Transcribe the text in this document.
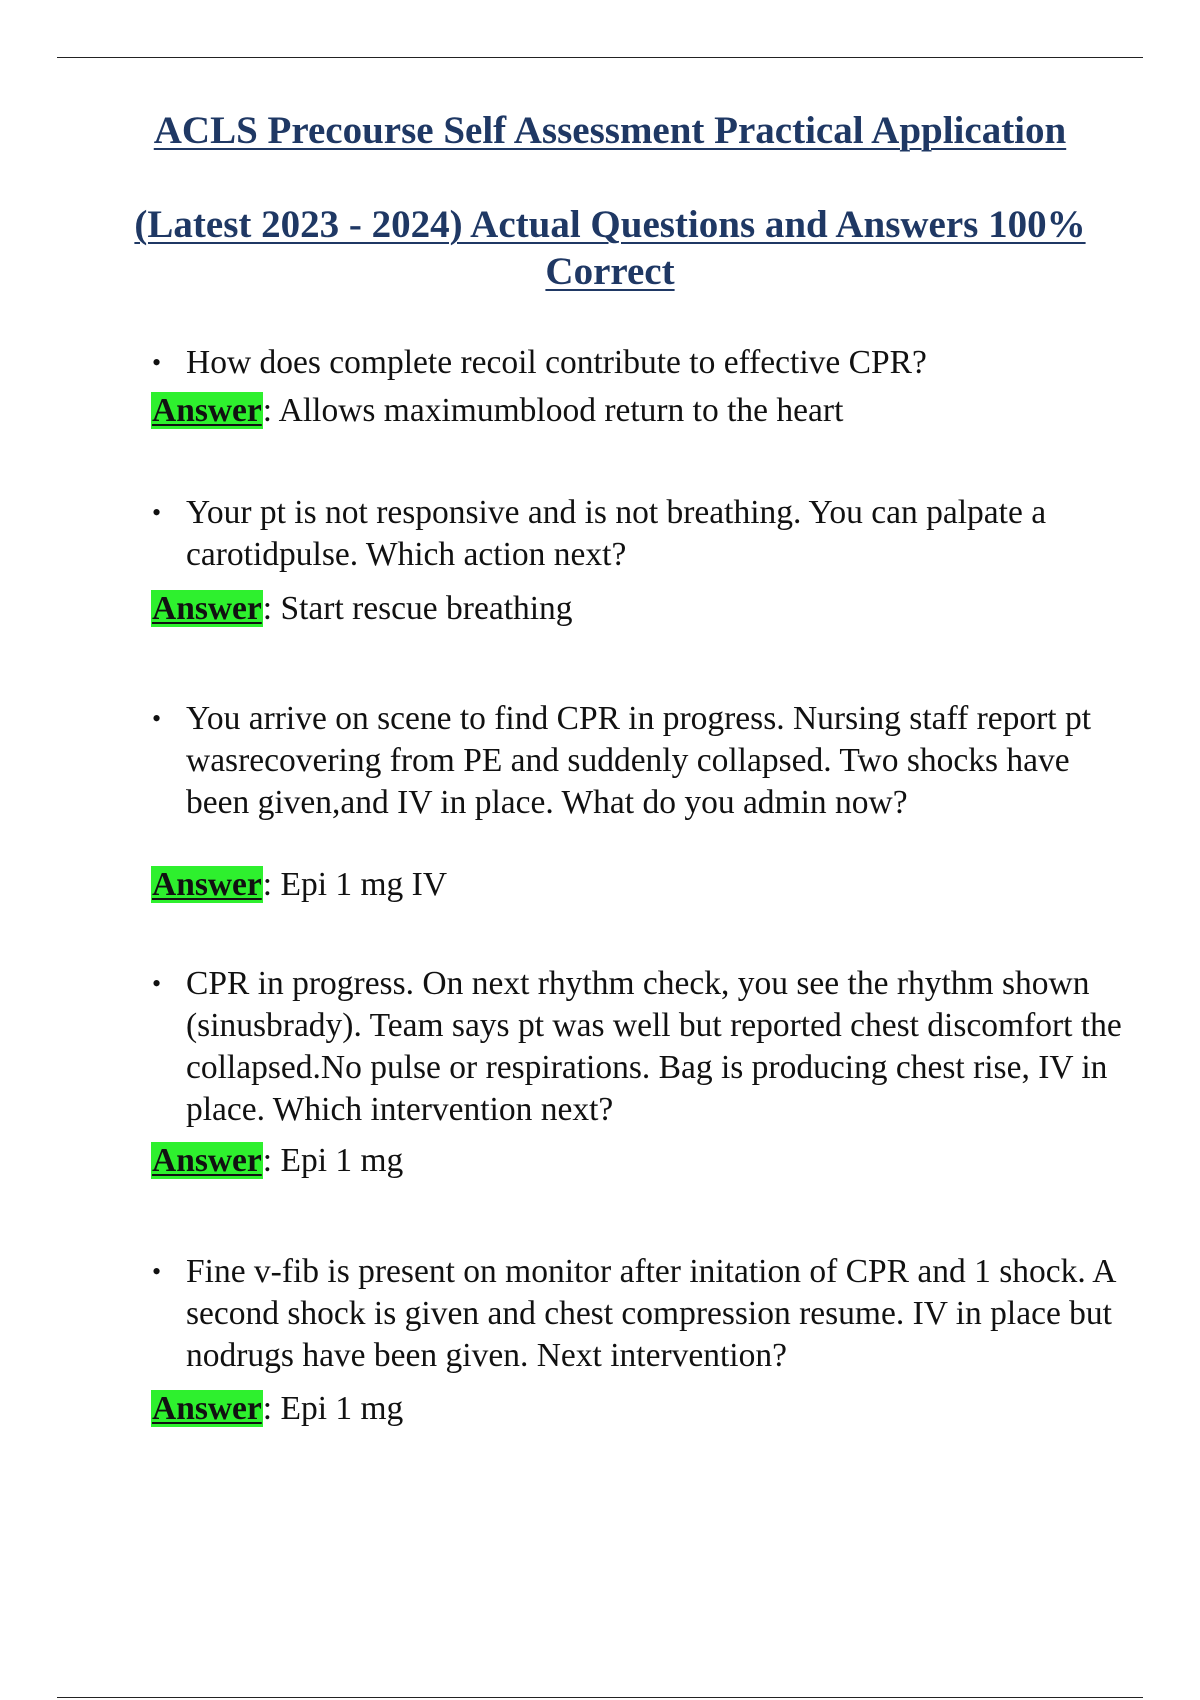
ACLS Precourse Self Assessment Practical Application
(Latest 2023 - 2024) Actual Questions and Answers 100% Correct

• How does complete recoil contribute to effective CPR?

Answer: Allows maximumblood return to the heart

• Your pt is not responsive and is not breathing. You can palpate a carotidpulse. Which action next?

Answer: Start rescue breathing

• You arrive on scene to find CPR in progress. Nursing staff report pt wasrecovering from PE and suddenly collapsed. Two shocks have been given,and IV in place. What do you admin now?

Answer: Epi 1 mg IV

• CPR in progress. On next rhythm check, you see the rhythm shown (sinusbrady). Team says pt was well but reported chest discomfort the collapsed.No pulse or respirations. Bag is producing chest rise, IV in place. Which intervention next?

Answer: Epi 1 mg

• Fine v-fib is present on monitor after initation of CPR and 1 shock. A second shock is given and chest compression resume. IV in place but nodrugs have been given. Next intervention?

Answer: Epi 1 mg
